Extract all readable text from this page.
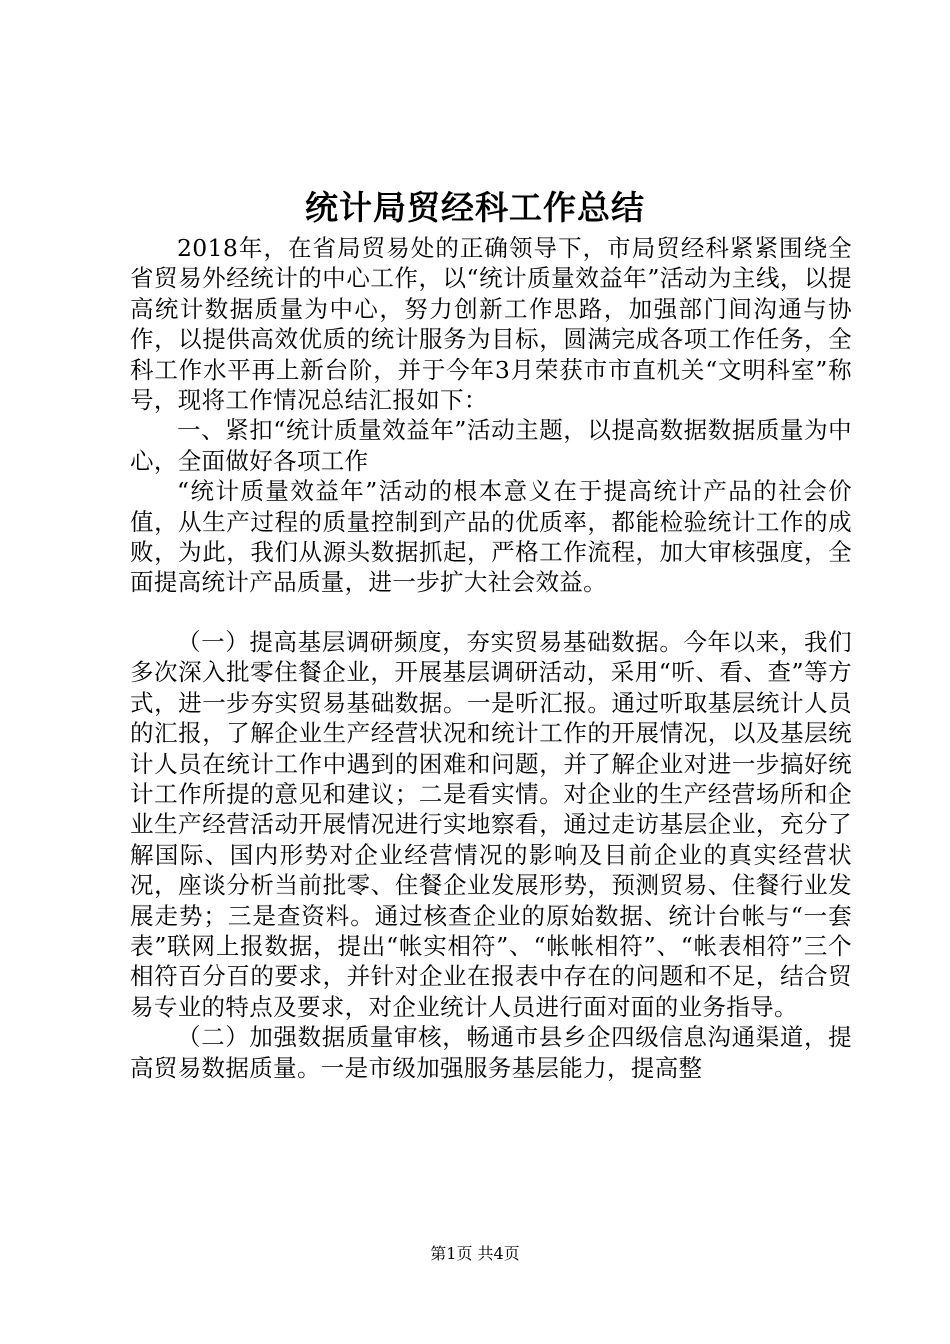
统计局贸经科工作总结

2018年，在省局贸易处的正确领导下，市局贸经科紧紧围绕全省贸易外经统计的中心工作，以“统计质量效益年”活动为主线，以提高统计数据质量为中心，努力创新工作思路，加强部门间沟通与协作，以提供高效优质的统计服务为目标，圆满完成各项工作任务，全科工作水平再上新台阶，并于今年3月荣获市市直机关“文明科室”称号，现将工作情况总结汇报如下：

一、紧扣“统计质量效益年”活动主题，以提高数据数据质量为中心，全面做好各项工作

“统计质量效益年”活动的根本意义在于提高统计产品的社会价值，从生产过程的质量控制到产品的优质率，都能检验统计工作的成败，为此，我们从源头数据抓起，严格工作流程，加大审核强度，全面提高统计产品质量，进一步扩大社会效益。

（一）提高基层调研频度，夯实贸易基础数据。今年以来，我们多次深入批零住餐企业，开展基层调研活动，采用“听、看、查”等方式，进一步夯实贸易基础数据。一是听汇报。通过听取基层统计人员的汇报，了解企业生产经营状况和统计工作的开展情况，以及基层统计人员在统计工作中遇到的困难和问题，并了解企业对进一步搞好统计工作所提的意见和建议；二是看实情。对企业的生产经营场所和企业生产经营活动开展情况进行实地察看，通过走访基层企业，充分了解国际、国内形势对企业经营情况的影响及目前企业的真实经营状况，座谈分析当前批零、住餐企业发展形势，预测贸易、住餐行业发展走势；三是查资料。通过核查企业的原始数据、统计台帐与“一套表”联网上报数据，提出“帐实相符”、“帐帐相符”、“帐表相符”三个相符百分百的要求，并针对企业在报表中存在的问题和不足，结合贸易专业的特点及要求，对企业统计人员进行面对面的业务指导。

（二）加强数据质量审核，畅通市县乡企四级信息沟通渠道，提高贸易数据质量。一是市级加强服务基层能力，提高整

第1页 共4页
